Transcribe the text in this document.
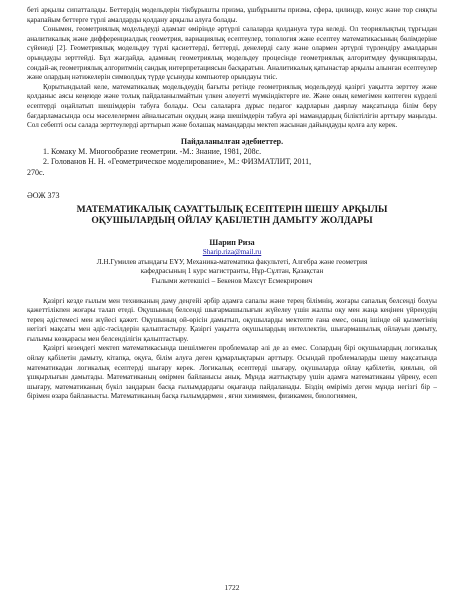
беті арқылы сипатталады. Беттердің модельдерін тікбұрышты призма, ұшбұрышты призма, сфера, цилиндр, конус және тор сияқты қарапайым беттерге түрлі амалдарды қолдану арқылы алуға болады.

Сонымен, геометриялық модельдеуді адамзат өмірінде әртүрлі салаларда қолдануға тура келеді. Ол теориялықтың тұрғыдан аналитикалық және дифференциалдық геометрия, вариациялық есептеулер, топология және есептеу математикасының бөлімдеріне сүйенеді [2]. Геометриялық модельдеу түрлі қасиеттерді, беттерді, денелерді салу және олармен әртүрлі түрлендіру амалдарын орындауды зерттейді. Бұл жағдайда, адамның геометриялық модельдеу процесінде геометриялық алгоритмдеу функцияларды, сондай-ақ геометриялық алгоритмнің сандық интерпретациясын басқаратын. Аналитикалық қатынастар арқылы алынған есептеулер және олардың нәтижелерін символдық түрде ұсынуды компьютер орындауы тиіс.

Қорытындылай келе, математикалық модельдеудің бағыты ретінде геометриялық модельдеуді қазіргі уақытта зерттеу және қолданыс аясы кеңеюде және толық пайдаланылмайтын үлкен әлеуетті мүмкіндіктерге ие. Және оның кемегімен көптеген күрделі есептерді оңайлатып шешімдерін табуға болады. Осы салаларға дұрыс педагог кадрларын даярлау мақсатында білім беру бағдарламасында осы мәселелермен айналысатын оқудың жаңа шешімдерін табуға әрі мамандардың біліктілігін арттыру маңызды. Сол себепті осы салада зерттеулерді арттырып және болашақ мамандарды мектеп жасынан дайындауды қолға алу керек.

Пайдаланылған әдебиеттер.
1. Комаку М. Многообразие геометрии. -М.: Знание, 1981, 208с.
2. Голованов Н. Н. «Геометрическое моделирование», М.: ФИЗМАТЛИТ, 2011,
270с.
ӘОЖ 373
МАТЕМАТИКАЛЫҚ САУАТТЫЛЫҚ ЕСЕПТЕРІН ШЕШУ АРҚЫЛЫ
ОҚУШЫЛАРДЫҢ ОЙЛАУ ҚАБІЛЕТІН ДАМЫТУ ЖОЛДАРЫ
Шарип Риза
Sharip.riza@mail.ru
Л.Н.Гумилев атындағы ЕҰУ, Механика-математика факультеті, Алгебра және геометрия
кафедрасының 1 курс магистранты, Нұр-Сұлтан, Қазақстан
Ғылыми жетекшісі – Бекенов Махсүт Есмекрирович

Қазіргі кезде ғылым мен техниканың даму деңгейі әрбір адамға сапалы және терең білімнің, жоғары сапалық белсенді болуы қажеттілікпен жоғары талап етеді. Оқушының белсенді шығармашылығын жүйелеу үшін жалпы оқу мен жаңа кеңінен үйренудің терең әдістемесі мен жүйесі қажет. Оқушының ой-өрісін дамытып, оқушыларды мектепте ғана емес, оның ішінде ой қызметінің негізгі мақсаты мен әдіс-тәсілдерін қалыптастыру. Қазіргі уақытта оқушылардың интеллектін, шығармашылық ойлауын дамыту, ғылымы көзқарасы мен белсенділігін қалыптастыру.

Қазіргі кезеңдегі мектеп математикасында шешілмеген проблемалар әлі де аз емес. Солардың бірі оқушылардың логикалық ойлау қабілетін дамыту, кітапқа, оқуға, білім алуға деген құмарлықтарын арттыру. Осындай проблемаларды шешу мақсатында математикадан логикалық есептерді шығару керек. Логикалық есептерді шығару, оқушыларда ойлау қабілетін, қиялын, ой ұшқырлығын дамытады. Математиканың өмірмен байланысы анық. Мұнда жаттықтыру үшін адамға математиканы үйрену, есеп шығару, математиканың бүкіл заңдарын басқа ғылымдардағы оқығанда пайдаланады. Біздің өміріміз деген мұнда негізгі бір – бірімен өзара байланысты. Математиканың басқа ғылымдармен , яғни химиямен, физикамен, биологиямен,

1722
